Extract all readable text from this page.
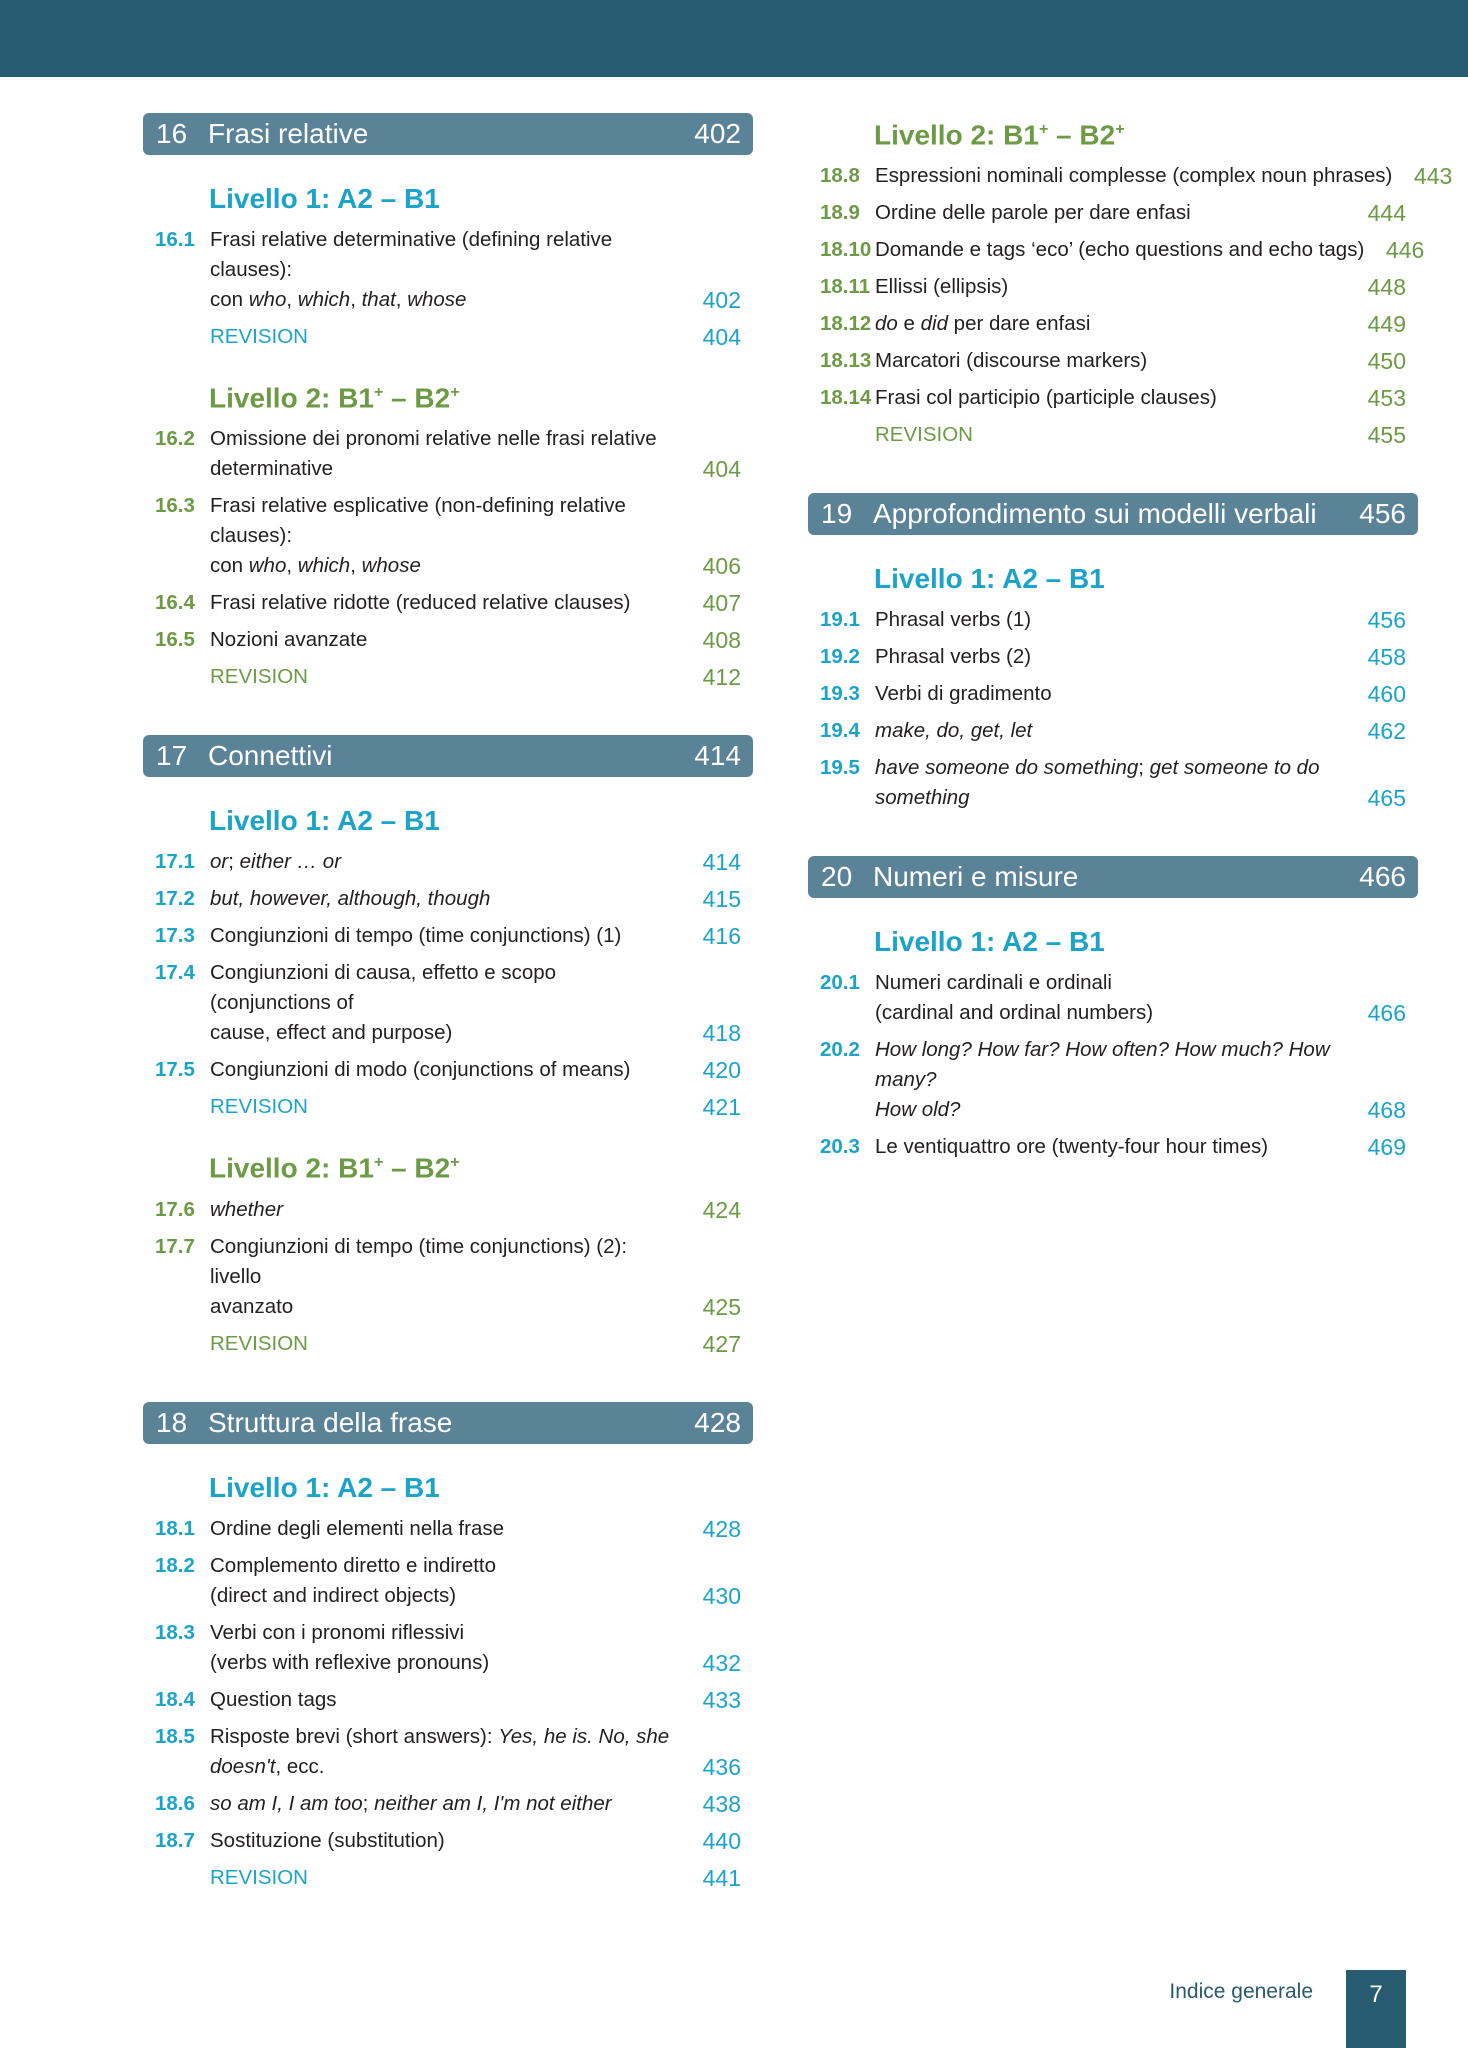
16 Frasi relative	402
Livello 1: A2 – B1
16.1 Frasi relative determinative (defining relative clauses):
con who, which, that, whose	402
REVISION	404
Livello 2: B1+ – B2+
16.2 Omissione dei pronomi relative nelle frasi relative
determinative	404
16.3 Frasi relative esplicative (non-defining relative clauses):
con who, which, whose	406
16.4 Frasi relative ridotte (reduced relative clauses)	407
16.5 Nozioni avanzate	408
REVISION	412
17 Connettivi	414
Livello 1: A2 – B1
17.1 or; either … or	414
17.2 but, however, although, though	415
17.3 Congiunzioni di tempo (time conjunctions) (1)	416
17.4 Congiunzioni di causa, effetto e scopo (conjunctions of
cause, effect and purpose)	418
17.5 Congiunzioni di modo (conjunctions of means)	420
REVISION	421
Livello 2: B1+ – B2+
17.6 whether	424
17.7 Congiunzioni di tempo (time conjunctions) (2): livello
avanzato	425
REVISION	427
18 Struttura della frase	428
Livello 1: A2 – B1
18.1 Ordine degli elementi nella frase	428
18.2 Complemento diretto e indiretto
(direct and indirect objects)	430
18.3 Verbi con i pronomi riflessivi
(verbs with reflexive pronouns)	432
18.4 Question tags	433
18.5 Risposte brevi (short answers): Yes, he is. No, she
doesn't, ecc.	436
18.6 so am I, I am too; neither am I, I'm not either	438
18.7 Sostituzione (substitution)	440
REVISION	441
Livello 2: B1+ – B2+
18.8 Espressioni nominali complesse (complex noun phrases) 443
18.9 Ordine delle parole per dare enfasi	444
18.10 Domande e tags ‘eco’ (echo questions and echo tags) 446
18.11 Ellissi (ellipsis)	448
18.12 do e did per dare enfasi	449
18.13 Marcatori (discourse markers)	450
18.14 Frasi col participio (participle clauses)	453
REVISION	455
19 Approfondimento sui modelli verbali	456
Livello 1: A2 – B1
19.1 Phrasal verbs (1)	456
19.2 Phrasal verbs (2)	458
19.3 Verbi di gradimento	460
19.4 make, do, get, let	462
19.5 have someone do something; get someone to do
something	465
20 Numeri e misure	466
Livello 1: A2 – B1
20.1 Numeri cardinali e ordinali
(cardinal and ordinal numbers)	466
20.2 How long? How far? How often? How much? How many?
How old?	468
20.3 Le ventiquattro ore (twenty-four hour times)	469
Indice generale	7
